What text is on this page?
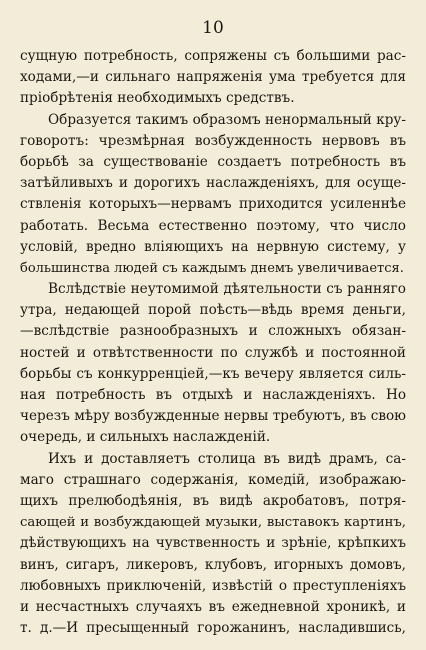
10
сущную потребность, сопряжены съ большими рас-
ходами,—и сильнаго напряженія ума требуется для
пріобрѣтенія необходимыхъ средствъ.
Образуется такимъ образомъ ненормальный кру-
говоротъ: чрезмѣрная возбужденность нервовъ въ
борьбѣ за существованіе создаетъ потребность въ
затѣйливыхъ и дорогихъ наслажденіяхъ, для осуще-
ствленія которыхъ—нервамъ приходится усиленнѣе
работать. Весьма естественно поэтому, что число
условій, вредно вліяющихъ на нервную систему, у
большинства людей съ каждымъ днемъ увеличивается.
Вслѣдствіе неутомимой дѣятельности съ ранняго
утра, недающей порой поѣсть—вѣдь время деньги,
—вслѣдствіе разнообразныхъ и сложныхъ обязан-
ностей и отвѣтственности по службѣ и постоянной
борьбы съ конкурренціей,—къ вечеру является силь-
ная потребность въ отдыхѣ и наслажденіяхъ. Но
черезъ мѣру возбужденные нервы требуютъ, въ свою
очередь, и сильныхъ наслажденій.
Ихъ и доставляетъ столица въ видѣ драмъ, са-
маго страшнаго содержанія, комедій, изображаю-
щихъ прелюбодѣянія, въ видѣ акробатовъ, потря-
сающей и возбуждающей музыки, выставокъ картинъ,
дѣйствующихъ на чувственность и зрѣніе, крѣпкихъ
винъ, сигаръ, ликеровъ, клубовъ, игорныхъ домовъ,
любовныхъ приключеній, извѣстій о преступленіяхъ
и несчастныхъ случаяхъ въ ежедневной хроникѣ, и
т. д.—И пресыщенный горожанинъ, насладившись,
